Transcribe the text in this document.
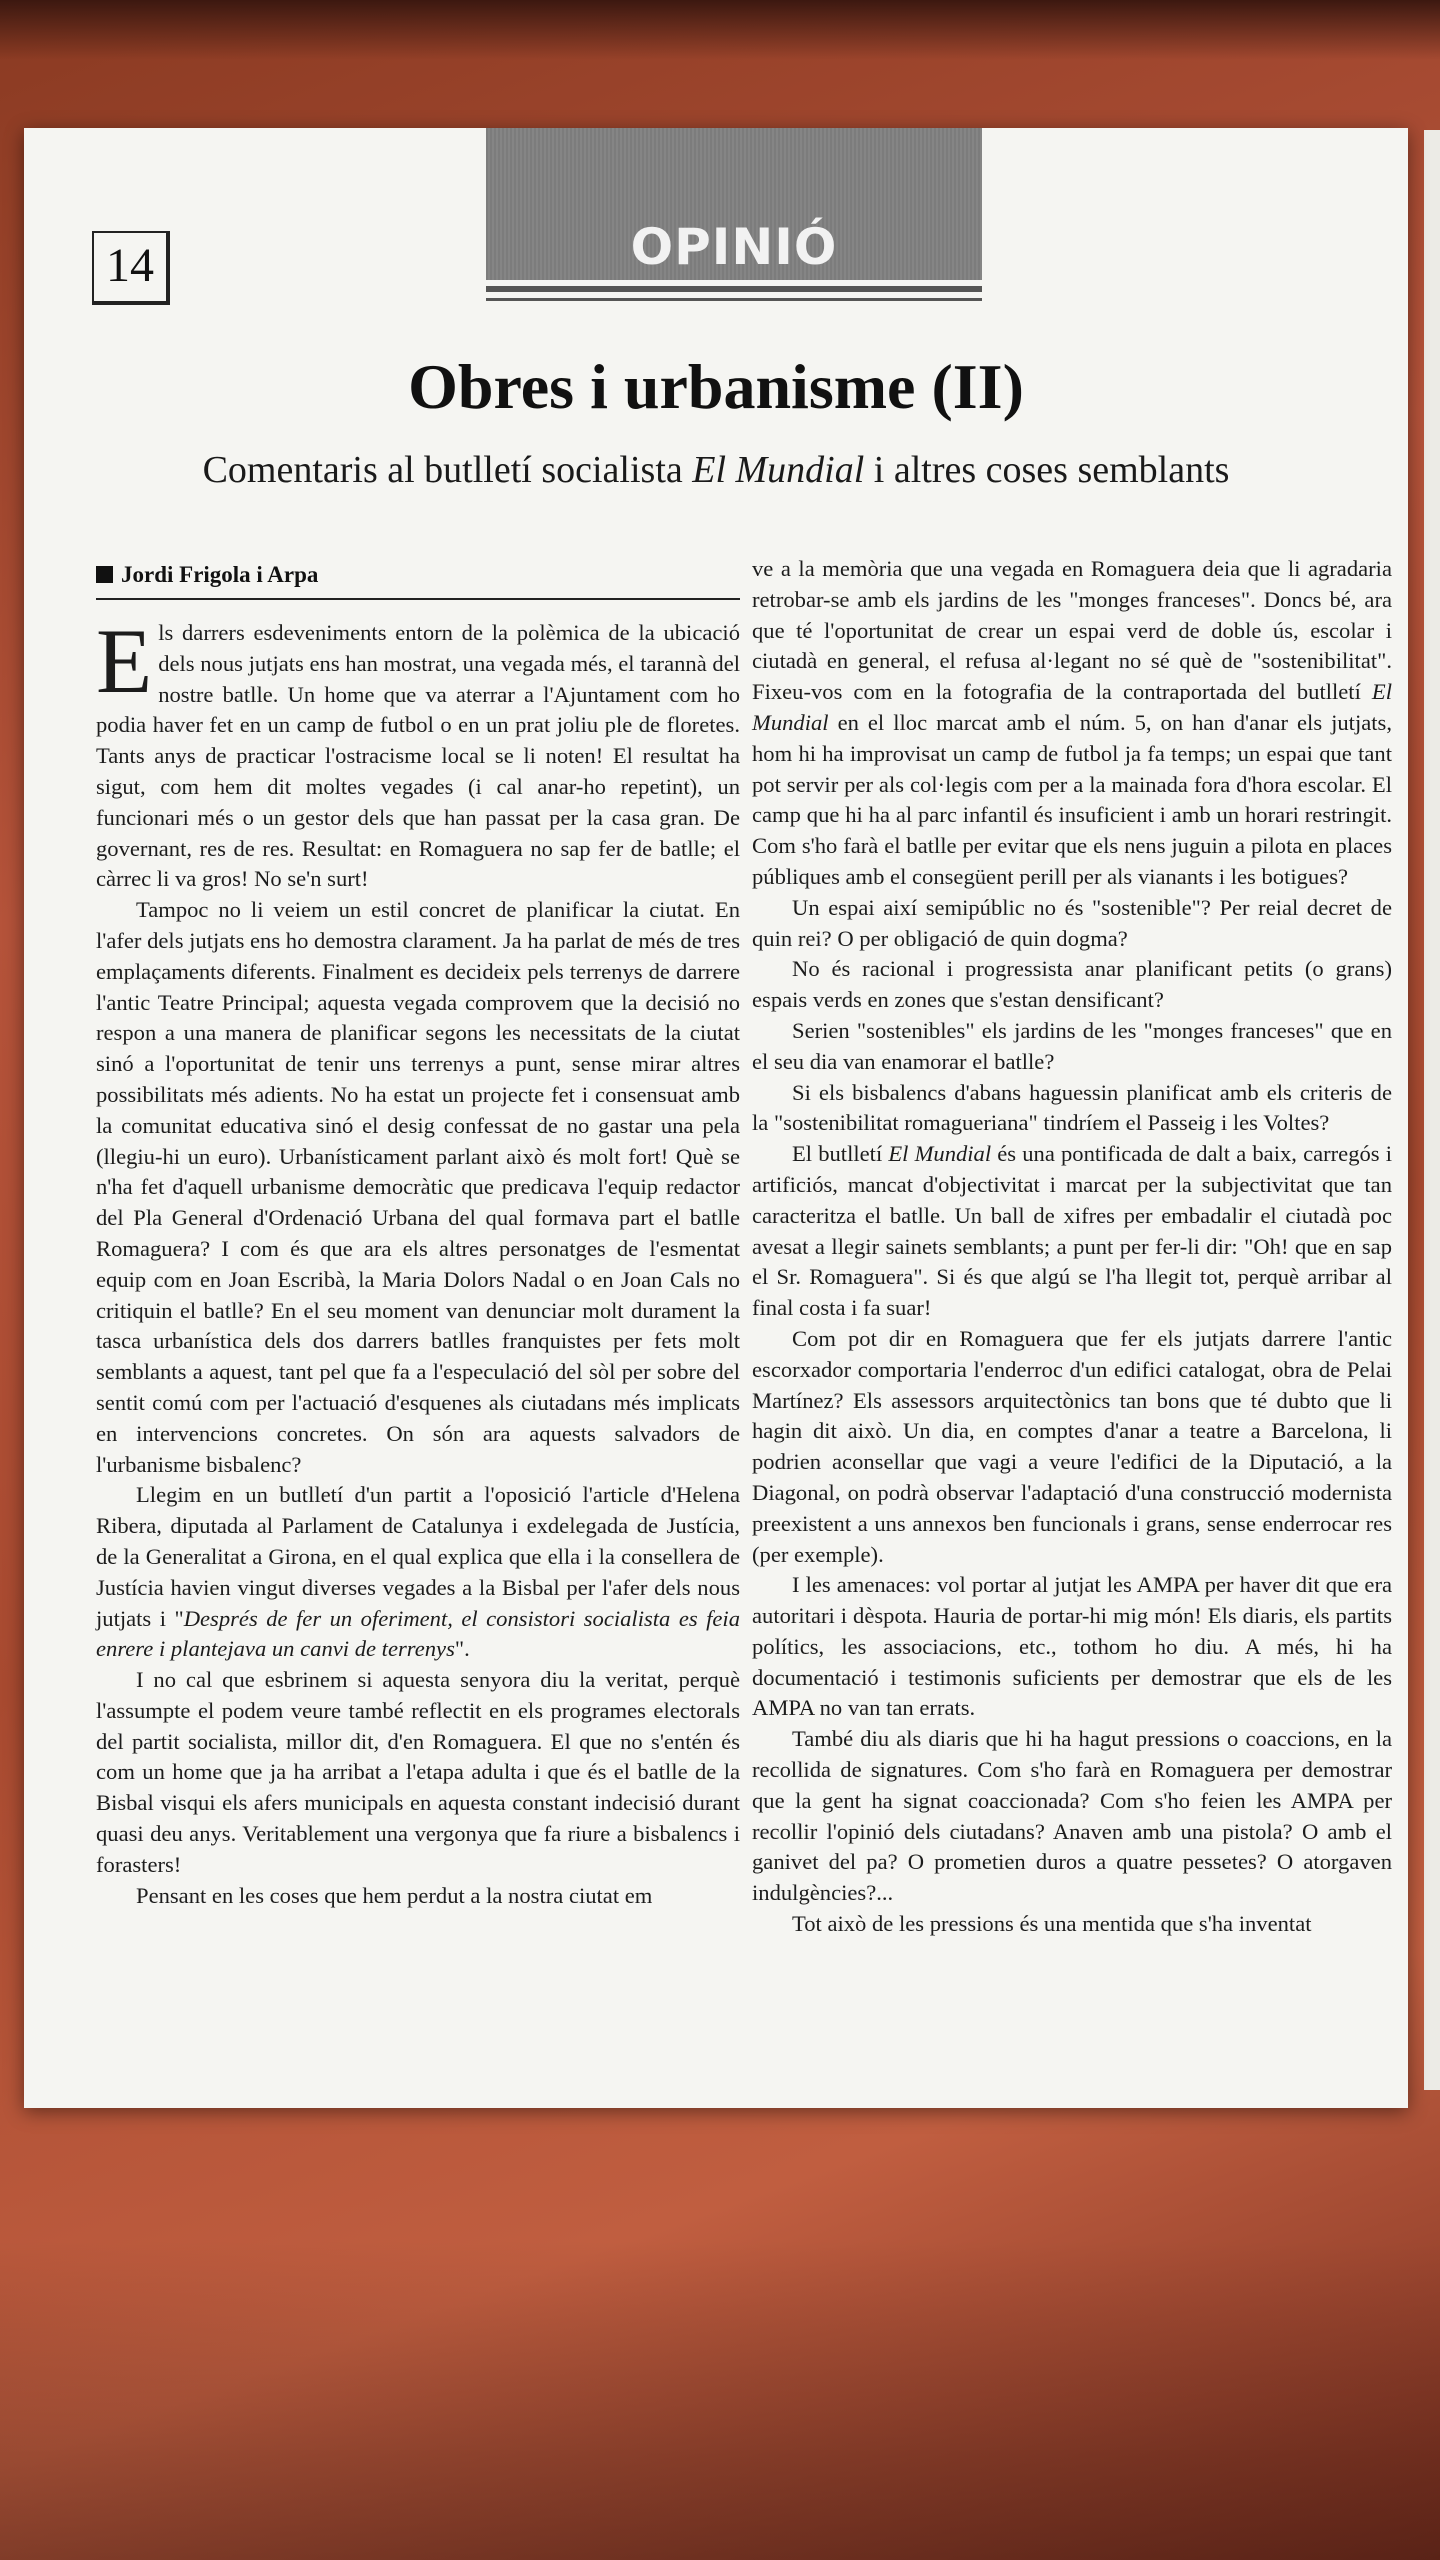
14	OPINIÓ
Obres i urbanisme (II)
Comentaris al butlletí socialista El Mundial i altres coses semblants
Jordi Frigola i Arpa

Els darrers esdeveniments entorn de la polèmica de la ubicació dels nous jutjats ens han mostrat, una vegada més, el tarannà del nostre batlle. Un home que va aterrar a l'Ajuntament com ho podia haver fet en un camp de futbol o en un prat joliu ple de floretes. Tants anys de practicar l'ostracisme local se li noten! El resultat ha sigut, com hem dit moltes vegades (i cal anar-ho repetint), un funcionari més o un gestor dels que han passat per la casa gran. De governant, res de res. Resultat: en Romaguera no sap fer de batlle; el càrrec li va gros! No se'n surt!

Tampoc no li veiem un estil concret de planificar la ciutat. En l'afer dels jutjats ens ho demostra clarament. Ja ha parlat de més de tres emplaçaments diferents. Finalment es decideix pels terrenys de darrere l'antic Teatre Principal; aquesta vegada comprovem que la decisió no respon a una manera de planificar segons les necessitats de la ciutat sinó a l'oportunitat de tenir uns terrenys a punt, sense mirar altres possibilitats més adients. No ha estat un projecte fet i consensuat amb la comunitat educativa sinó el desig confessat de no gastar una pela (llegiu-hi un euro). Urbanísticament parlant això és molt fort! Què se n'ha fet d'aquell urbanisme democràtic que predicava l'equip redactor del Pla General d'Ordenació Urbana del qual formava part el batlle Romaguera? I com és que ara els altres personatges de l'esmentat equip com en Joan Escribà, la Maria Dolors Nadal o en Joan Cals no critiquin el batlle? En el seu moment van denunciar molt durament la tasca urbanística dels dos darrers batlles franquistes per fets molt semblants a aquest, tant pel que fa a l'especulació del sòl per sobre del sentit comú com per l'actuació d'esquenes als ciutadans més implicats en intervencions concretes. On són ara aquests salvadors de l'urbanisme bisbalenc?

Llegim en un butlletí d'un partit a l'oposició l'article d'Helena Ribera, diputada al Parlament de Catalunya i exdelegada de Justícia, de la Generalitat a Girona, en el qual explica que ella i la consellera de Justícia havien vingut diverses vegades a la Bisbal per l'afer dels nous jutjats i "Després de fer un oferiment, el consistori socialista es feia enrere i plantejava un canvi de terrenys".

I no cal que esbrinem si aquesta senyora diu la veritat, perquè l'assumpte el podem veure també reflectit en els programes electorals del partit socialista, millor dit, d'en Romaguera. El que no s'entén és com un home que ja ha arribat a l'etapa adulta i que és el batlle de la Bisbal visqui els afers municipals en aquesta constant indecisió durant quasi deu anys. Veritablement una vergonya que fa riure a bisbalencs i forasters!

Pensant en les coses que hem perdut a la nostra ciutat em

ve a la memòria que una vegada en Romaguera deia que li agradaria retrobar-se amb els jardins de les "monges franceses". Doncs bé, ara que té l'oportunitat de crear un espai verd de doble ús, escolar i ciutadà en general, el refusa al·legant no sé què de "sostenibilitat". Fixeu-vos com en la fotografia de la contraportada del butlletí El Mundial en el lloc marcat amb el núm. 5, on han d'anar els jutjats, hom hi ha improvisat un camp de futbol ja fa temps; un espai que tant pot servir per als col·legis com per a la mainada fora d'hora escolar. El camp que hi ha al parc infantil és insuficient i amb un horari restringit. Com s'ho farà el batlle per evitar que els nens juguin a pilota en places públiques amb el consegüent perill per als vianants i les botigues?

Un espai així semipúblic no és "sostenible"? Per reial decret de quin rei? O per obligació de quin dogma?

No és racional i progressista anar planificant petits (o grans) espais verds en zones que s'estan densificant?

Serien "sostenibles" els jardins de les "monges franceses" que en el seu dia van enamorar el batlle?

Si els bisbalencs d'abans haguessin planificat amb els criteris de la "sostenibilitat romagueriana" tindríem el Passeig i les Voltes?

El butlletí El Mundial és una pontificada de dalt a baix, carregós i artificiós, mancat d'objectivitat i marcat per la subjectivitat que tan caracteritza el batlle. Un ball de xifres per embadalir el ciutadà poc avesat a llegir sainets semblants; a punt per fer-li dir: "Oh! que en sap el Sr. Romaguera". Si és que algú se l'ha llegit tot, perquè arribar al final costa i fa suar!

Com pot dir en Romaguera que fer els jutjats darrere l'antic escorxador comportaria l'enderroc d'un edifici catalogat, obra de Pelai Martínez? Els assessors arquitectònics tan bons que té dubto que li hagin dit això. Un dia, en comptes d'anar a teatre a Barcelona, li podrien aconsellar que vagi a veure l'edifici de la Diputació, a la Diagonal, on podrà observar l'adaptació d'una construcció modernista preexistent a uns annexos ben funcionals i grans, sense enderrocar res (per exemple).

I les amenaces: vol portar al jutjat les AMPA per haver dit que era autoritari i dèspota. Hauria de portar-hi mig món! Els diaris, els partits polítics, les associacions, etc., tothom ho diu. A més, hi ha documentació i testimonis suficients per demostrar que els de les AMPA no van tan errats.

També diu als diaris que hi ha hagut pressions o coaccions, en la recollida de signatures. Com s'ho farà en Romaguera per demostrar que la gent ha signat coaccionada? Com s'ho feien les AMPA per recollir l'opinió dels ciutadans? Anaven amb una pistola? O amb el ganivet del pa? O prometien duros a quatre pessetes? O atorgaven indulgències?...

Tot això de les pressions és una mentida que s'ha inventat
